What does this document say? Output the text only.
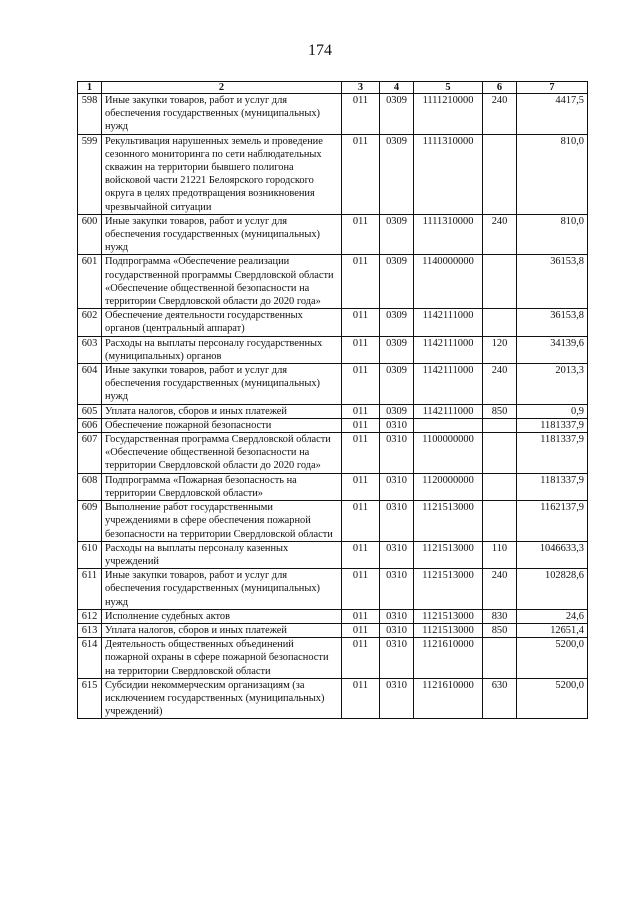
174
1	2	3	4	5	6	7
598	Иные закупки товаров, работ и услуг для обеспечения государственных (муниципальных) нужд	011	0309	1111210000	240	4417,5
599	Рекультивация нарушенных земель и проведение сезонного мониторинга по сети наблюдательных скважин на территории бывшего полигона войсковой части 21221 Белоярского городского округа в целях предотвращения возникновения чрезвычайной ситуации	011	0309	1111310000		810,0
600	Иные закупки товаров, работ и услуг для обеспечения государственных (муниципальных) нужд	011	0309	1111310000	240	810,0
601	Подпрограмма «Обеспечение реализации государственной программы Свердловской области «Обеспечение общественной безопасности на территории Свердловской области до 2020 года»	011	0309	1140000000		36153,8
602	Обеспечение деятельности государственных органов (центральный аппарат)	011	0309	1142111000		36153,8
603	Расходы на выплаты персоналу государственных (муниципальных) органов	011	0309	1142111000	120	34139,6
604	Иные закупки товаров, работ и услуг для обеспечения государственных (муниципальных) нужд	011	0309	1142111000	240	2013,3
605	Уплата налогов, сборов и иных платежей	011	0309	1142111000	850	0,9
606	Обеспечение пожарной безопасности	011	0310			1181337,9
607	Государственная программа Свердловской области «Обеспечение общественной безопасности на территории Свердловской области до 2020 года»	011	0310	1100000000		1181337,9
608	Подпрограмма «Пожарная безопасность на территории Свердловской области»	011	0310	1120000000		1181337,9
609	Выполнение работ государственными учреждениями в сфере обеспечения пожарной безопасности на территории Свердловской области	011	0310	1121513000		1162137,9
610	Расходы на выплаты персоналу казенных учреждений	011	0310	1121513000	110	1046633,3
611	Иные закупки товаров, работ и услуг для обеспечения государственных (муниципальных) нужд	011	0310	1121513000	240	102828,6
612	Исполнение судебных актов	011	0310	1121513000	830	24,6
613	Уплата налогов, сборов и иных платежей	011	0310	1121513000	850	12651,4
614	Деятельность общественных объединений пожарной охраны в сфере пожарной безопасности на территории Свердловской области	011	0310	1121610000		5200,0
615	Субсидии некоммерческим организациям (за исключением государственных (муниципальных) учреждений)	011	0310	1121610000	630	5200,0
